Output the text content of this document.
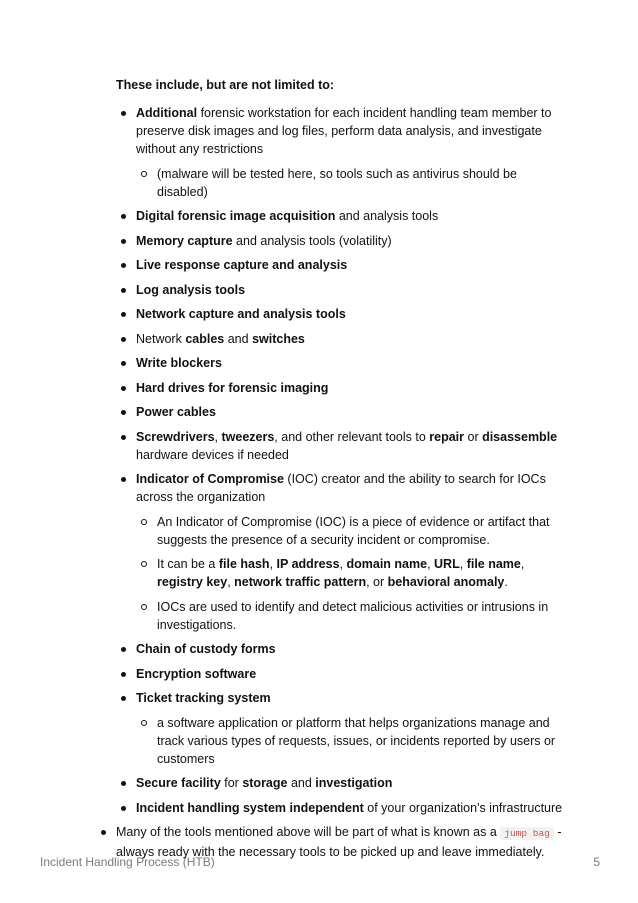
These include, but are not limited to:

Additional forensic workstation for each incident handling team member to preserve disk images and log files, perform data analysis, and investigate without any restrictions
(malware will be tested here, so tools such as antivirus should be disabled)
Digital forensic image acquisition and analysis tools
Memory capture and analysis tools (volatility)
Live response capture and analysis
Log analysis tools
Network capture and analysis tools
Network cables and switches
Write blockers
Hard drives for forensic imaging
Power cables
Screwdrivers, tweezers, and other relevant tools to repair or disassemble hardware devices if needed
Indicator of Compromise (IOC) creator and the ability to search for IOCs across the organization
An Indicator of Compromise (IOC) is a piece of evidence or artifact that suggests the presence of a security incident or compromise.
It can be a file hash, IP address, domain name, URL, file name, registry key, network traffic pattern, or behavioral anomaly.
IOCs are used to identify and detect malicious activities or intrusions in investigations.
Chain of custody forms
Encryption software
Ticket tracking system
a software application or platform that helps organizations manage and track various types of requests, issues, or incidents reported by users or customers
Secure facility for storage and investigation
Incident handling system independent of your organization's infrastructure
Many of the tools mentioned above will be part of what is known as a jump bag - always ready with the necessary tools to be picked up and leave immediately.
Incident Handling Process (HTB)	5
